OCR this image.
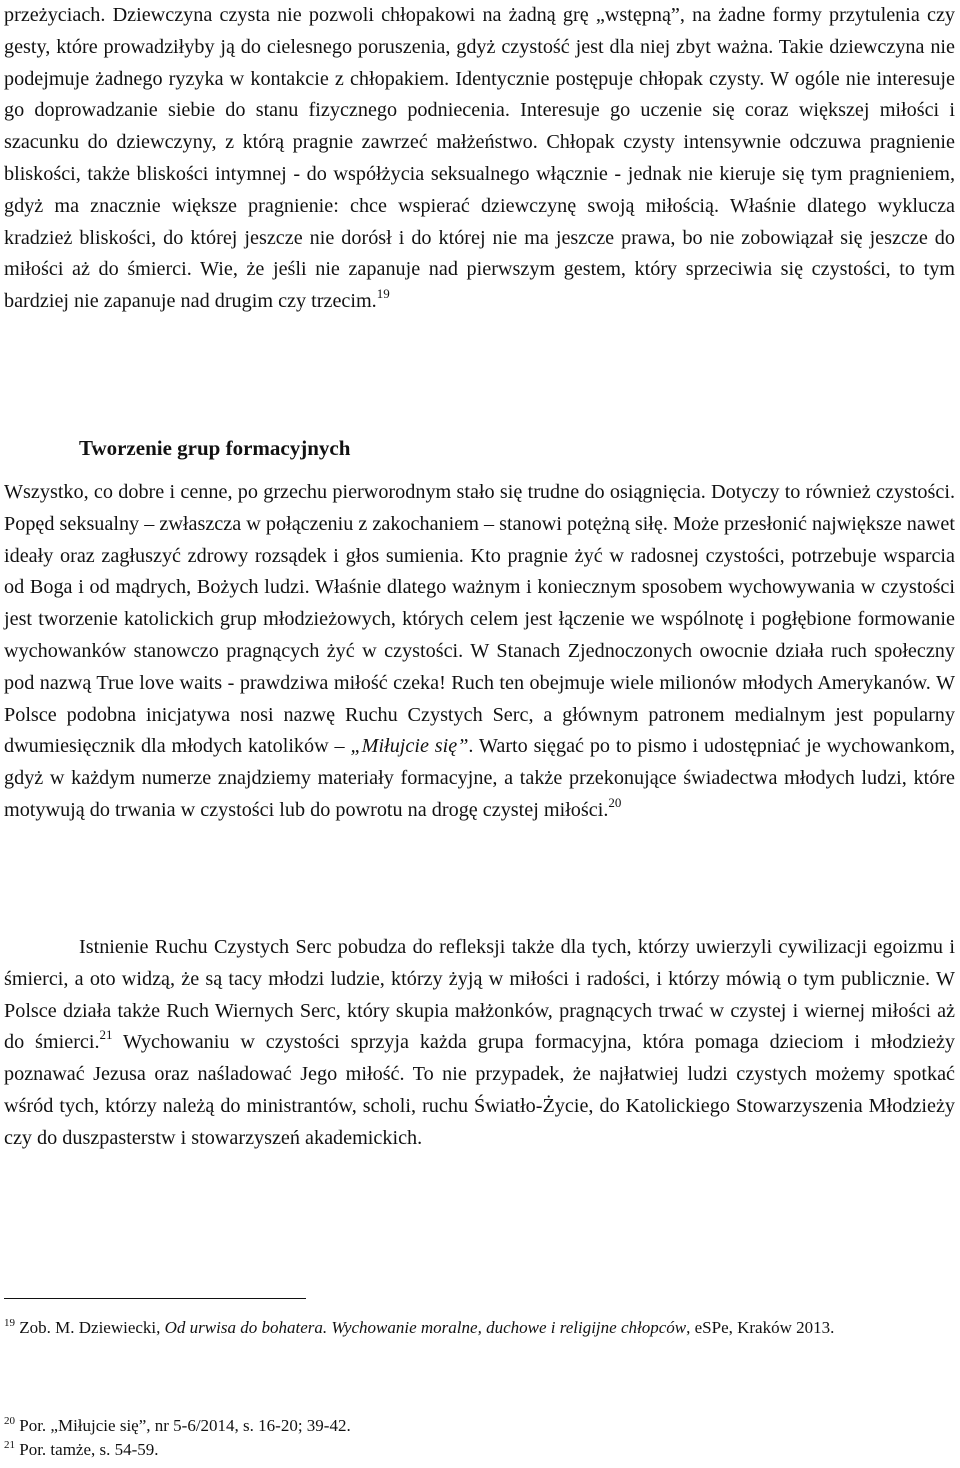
przeżyciach. Dziewczyna czysta nie pozwoli chłopakowi na żadną grę „wstępną”, na żadne formy przytulenia czy gesty, które prowadziłyby ją do cielesnego poruszenia, gdyż czystość jest dla niej zbyt ważna. Takie dziewczyna nie podejmuje żadnego ryzyka w kontakcie z chłopakiem. Identycznie postępuje chłopak czysty. W ogóle nie interesuje go doprowadzanie siebie do stanu fizycznego podniecenia. Interesuje go uczenie się coraz większej miłości i szacunku do dziewczyny, z którą pragnie zawrzeć małżeństwo. Chłopak czysty intensywnie odczuwa pragnienie bliskości, także bliskości intymnej - do współżycia seksualnego włącznie - jednak nie kieruje się tym pragnieniem, gdyż ma znacznie większe pragnienie: chce wspierać dziewczynę swoją miłością. Właśnie dlatego wyklucza kradzież bliskości, do której jeszcze nie dorósł i do której nie ma jeszcze prawa, bo nie zobowiązał się jeszcze do miłości aż do śmierci. Wie, że jeśli nie zapanuje nad pierwszym gestem, który sprzeciwia się czystości, to tym bardziej nie zapanuje nad drugim czy trzecim.$^{19}$

Tworzenie grup formacyjnych

Wszystko, co dobre i cenne, po grzechu pierworodnym stało się trudne do osiągnięcia. Dotyczy to również czystości. Popęd seksualny – zwłaszcza w połączeniu z zakochaniem – stanowi potężną siłę. Może przesłonić największe nawet ideały oraz zagłuszyć zdrowy rozsądek i głos sumienia. Kto pragnie żyć w radosnej czystości, potrzebuje wsparcia od Boga i od mądrych, Bożych ludzi. Właśnie dlatego ważnym i koniecznym sposobem wychowywania w czystości jest tworzenie katolickich grup młodzieżowych, których celem jest łączenie we wspólnotę i pogłębione formowanie wychowanków stanowczo pragnących żyć w czystości. W Stanach Zjednoczonych owocnie działa ruch społeczny pod nazwą True love waits - prawdziwa miłość czeka! Ruch ten obejmuje wiele milionów młodych Amerykanów. W Polsce podobna inicjatywa nosi nazwę Ruchu Czystych Serc, a głównym patronem medialnym jest popularny dwumiesięcznik dla młodych katolików – „Miłujcie się”. Warto sięgać po to pismo i udostępniać je wychowankom, gdyż w każdym numerze znajdziemy materiały formacyjne, a także przekonujące świadectwa młodych ludzi, które motywują do trwania w czystości lub do powrotu na drogę czystej miłości.$^{20}$

Istnienie Ruchu Czystych Serc pobudza do refleksji także dla tych, którzy uwierzyli cywilizacji egoizmu i śmierci, a oto widzą, że są tacy młodzi ludzie, którzy żyją w miłości i radości, i którzy mówią o tym publicznie. W Polsce działa także Ruch Wiernych Serc, który skupia małżonków, pragnących trwać w czystej i wiernej miłości aż do śmierci.$^{21}$ Wychowaniu w czystości sprzyja każda grupa formacyjna, która pomaga dzieciom i młodzieży poznawać Jezusa oraz naśladować Jego miłość. To nie przypadek, że najłatwiej ludzi czystych możemy spotkać wśród tych, którzy należą do ministrantów, scholi, ruchu Światło-Życie, do Katolickiego Stowarzyszenia Młodzieży czy do duszpasterstw i stowarzyszeń akademickich.

$^{19}$ Zob. M. Dziewiecki, Od urwisa do bohatera. Wychowanie moralne, duchowe i religijne chłopców, eSPe, Kraków 2013.
$^{20}$ Por. „Miłujcie się”, nr 5-6/2014, s. 16-20; 39-42.
$^{21}$ Por. tamże, s. 54-59.
